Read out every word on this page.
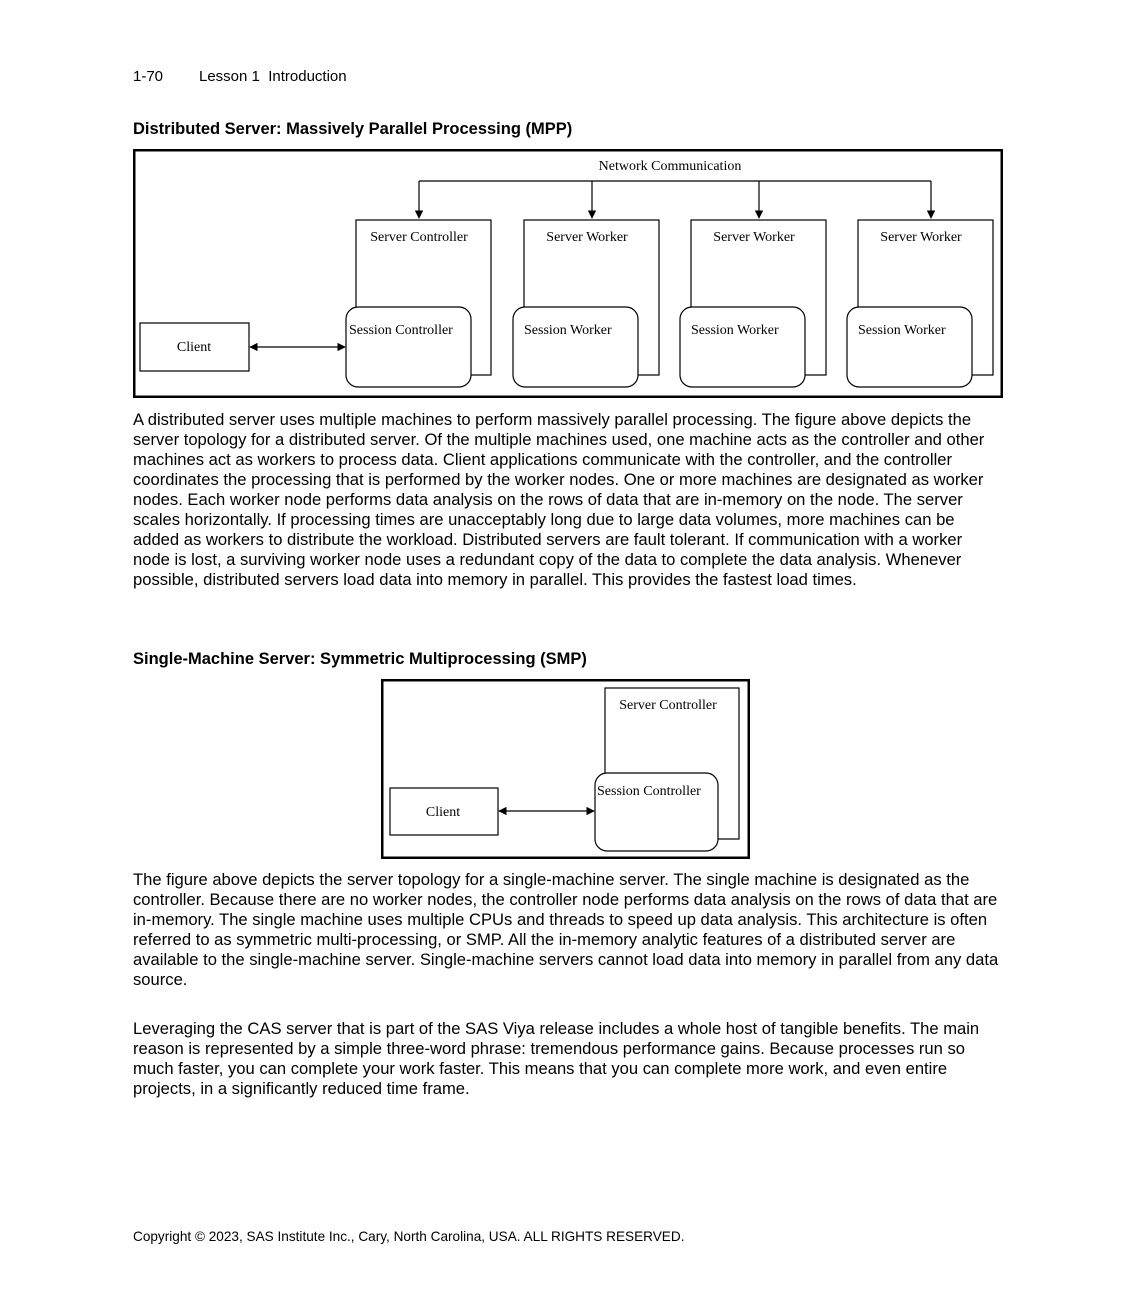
1-70 Lesson 1  Introduction
Distributed Server: Massively Parallel Processing (MPP)
Network Communication
Server Controller
Session Controller
Server Worker
Session Worker
Server Worker
Session Worker
Server Worker
Session Worker
Client

A distributed server uses multiple machines to perform massively parallel processing. The figure above depicts the server topology for a distributed server. Of the multiple machines used, one machine acts as the controller and other machines act as workers to process data. Client applications communicate with the controller, and the controller coordinates the processing that is performed by the worker nodes. One or more machines are designated as worker nodes. Each worker node performs data analysis on the rows of data that are in-memory on the node. The server scales horizontally. If processing times are unacceptably long due to large data volumes, more machines can be added as workers to distribute the workload. Distributed servers are fault tolerant. If communication with a worker node is lost, a surviving worker node uses a redundant copy of the data to complete the data analysis. Whenever possible, distributed servers load data into memory in parallel. This provides the fastest load times.

Single-Machine Server: Symmetric Multiprocessing (SMP)
Server Controller
Session Controller
Client

The figure above depicts the server topology for a single-machine server. The single machine is designated as the controller. Because there are no worker nodes, the controller node performs data analysis on the rows of data that are in-memory. The single machine uses multiple CPUs and threads to speed up data analysis. This architecture is often referred to as symmetric multi-processing, or SMP. All the in-memory analytic features of a distributed server are available to the single-machine server. Single-machine servers cannot load data into memory in parallel from any data source.

Leveraging the CAS server that is part of the SAS Viya release includes a whole host of tangible benefits. The main reason is represented by a simple three-word phrase: tremendous performance gains. Because processes run so much faster, you can complete your work faster. This means that you can complete more work, and even entire projects, in a significantly reduced time frame.

Copyright © 2023, SAS Institute Inc., Cary, North Carolina, USA. ALL RIGHTS RESERVED.
